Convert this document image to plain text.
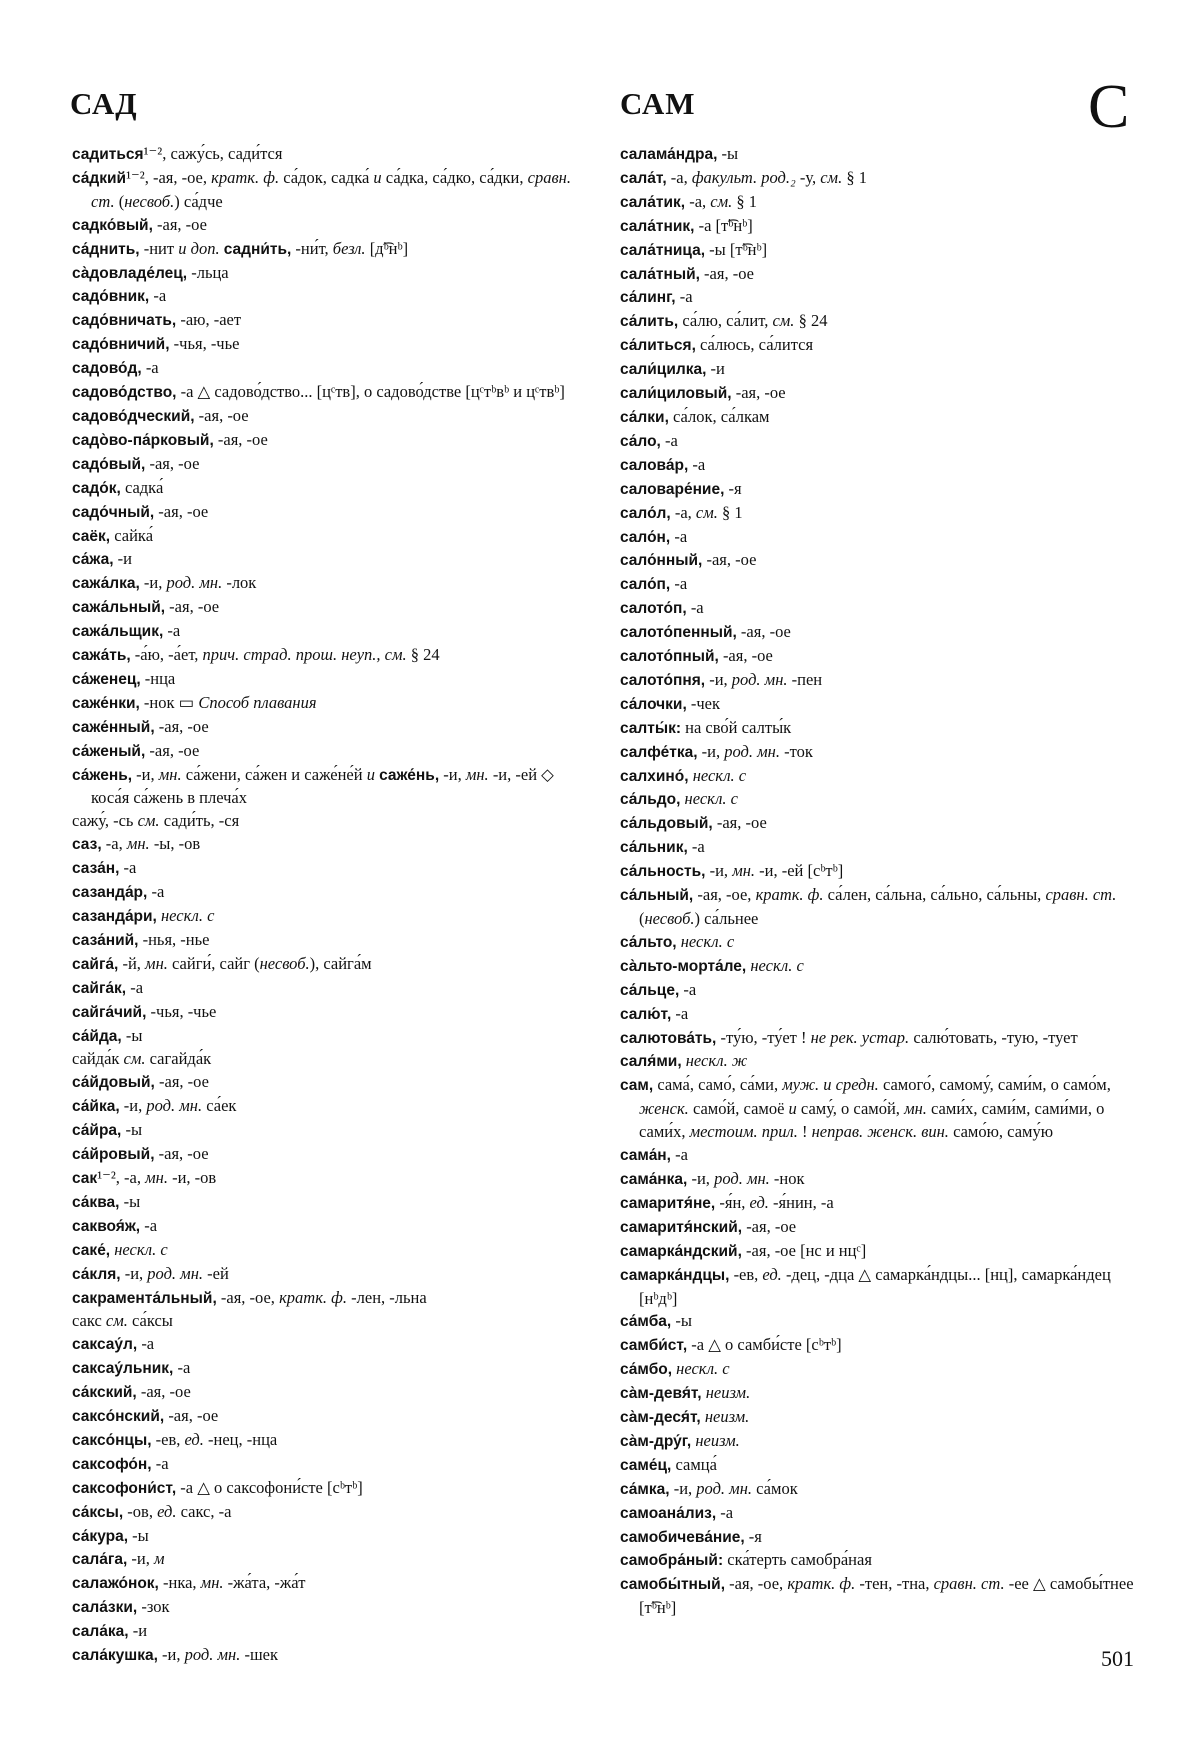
САД	САМ	С
садиться¹⁻², сажу́сь, сади́тся
са́дкий¹⁻², -ая, -ое, кратк. ф. са́док, садка́ и са́дка, са́дко, са́дки, сравн. ст. (несвоб.) са́дче
садко́вый, -ая, -ое
са́днить, -нит и доп. садни́ть, -ни́т, безл. [д͡ᵇнᵇ]
са̀довладе́лец, -льца
садо́вник, -а
садо́вничать, -аю, -ает
садо́вничий, -чья, -чье
садово́д, -а
садово́дство, -а △ садово́дство... [цᶜтв], о садово́дстве [цᶜтᵇвᵇ и цᶜтвᵇ]
садово́дческий, -ая, -ое
садо̀во-па́рковый, -ая, -ое
садо́вый, -ая, -ое
садо́к, садка́
садо́чный, -ая, -ое
саёк, сайка́
са́жа, -и
сажа́лка, -и, род. мн. -лок
сажа́льный, -ая, -ое
сажа́льщик, -а
сажа́ть, -а́ю, -а́ет, прич. страд. прош. неуп., см. § 24
са́женец, -нца
саже́нки, -нок ▭ Способ плавания
саже́нный, -ая, -ое
са́женый, -ая, -ое
са́жень, -и, мн. са́жени, са́жен и саже́не́й и саже́нь, -и, мн. -и, -ей ◇ коса́я са́жень в плеча́х
сажу́, -сь см. сади́ть, -ся
саз, -а, мн. -ы, -ов
саза́н, -а
сазанда́р, -а
сазанда́ри, нескл. с
саза́ний, -нья, -нье
сайга́, -й, мн. сайги́, сайг (несвоб.), сайга́м
сайга́к, -а
сайга́чий, -чья, -чье
са́йда, -ы
сайда́к см. сагайда́к
са́йдовый, -ая, -ое
са́йка, -и, род. мн. са́ек
са́йра, -ы
са́йровый, -ая, -ое
сак¹⁻², -а, мн. -и, -ов
са́ква, -ы
саквоя́ж, -а
саке́, нескл. с
са́кля, -и, род. мн. -ей
сакрамента́льный, -ая, -ое, кратк. ф. -лен, -льна
сакс см. са́ксы
саксау́л, -а
саксау́льник, -а
са́кский, -ая, -ое
саксо́нский, -ая, -ое
саксо́нцы, -ев, ед. -нец, -нца
саксофо́н, -а
саксофони́ст, -а △ о саксофони́сте [cᵇтᵇ]
са́ксы, -ов, ед. сакс, -а
са́кура, -ы
сала́га, -и, м
салажо́нок, -нка, мн. -жа́та, -жа́т
сала́зки, -зок
сала́ка, -и
сала́кушка, -и, род. мн. -шек
салама́ндра, -ы
сала́т, -а, факульт. род.₂ -у, см. § 1
сала́тик, -а, см. § 1
сала́тник, -а [т͡ᵇнᵇ]
сала́тница, -ы [т͡ᵇнᵇ]
сала́тный, -ая, -ое
са́линг, -а
са́лить, са́лю, са́лит, см. § 24
са́литься, са́люсь, са́лится
сали́цилка, -и
сали́циловый, -ая, -ое
са́лки, са́лок, са́лкам
са́ло, -а
салова́р, -а
саловаре́ние, -я
сало́л, -а, см. § 1
сало́н, -а
сало́нный, -ая, -ое
сало́п, -а
салото́п, -а
салото́пенный, -ая, -ое
салото́пный, -ая, -ое
салото́пня, -и, род. мн. -пен
са́лочки, -чек
салты́к: на сво́й салты́к
салфе́тка, -и, род. мн. -ток
салхино́, нескл. с
са́льдо, нескл. с
са́льдовый, -ая, -ое
са́льник, -а
са́льность, -и, мн. -и, -ей [cᵇтᵇ]
са́льный, -ая, -ое, кратк. ф. са́лен, са́льна, са́льно, са́льны, сравн. ст. (несвоб.) са́льнее
са́льто, нескл. с
са̀льто-морта́ле, нескл. с
са́льце, -а
салю́т, -а
салютова́ть, -ту́ю, -ту́ет ! не рек. устар. салю́товать, -тую, -тует
саля́ми, нескл. ж
сам, сама́, само́, са́ми, муж. и средн. самого́, самому́, сами́м, о само́м, женск. само́й, самоё и саму́, о само́й, мн. сами́х, сами́м, сами́ми, о сами́х, местоим. прил. ! неправ. женск. вин. само́ю, саму́ю
сама́н, -а
сама́нка, -и, род. мн. -нок
самаритя́не, -я́н, ед. -я́нин, -а
самаритя́нский, -ая, -ое
самарка́ндский, -ая, -ое [нс и нцᶜ]
самарка́ндцы, -ев, ед. -дец, -дца △ самарка́ндцы... [нц], самарка́ндец [нᵇдᵇ]
са́мба, -ы
самби́ст, -а △ о самби́сте [cᵇтᵇ]
са́мбо, нескл. с
са̀м-девя́т, неизм.
са̀м-деся́т, неизм.
са̀м-дру́г, неизм.
саме́ц, самца́
са́мка, -и, род. мн. са́мок
самоана́лиз, -а
самобичева́ние, -я
самобра́ный: ска́терть самобра́ная
самобы́тный, -ая, -ое, кратк. ф. -тен, -тна, сравн. ст. -ее △ самобы́тнее [т͡ᵇнᵇ]
501
